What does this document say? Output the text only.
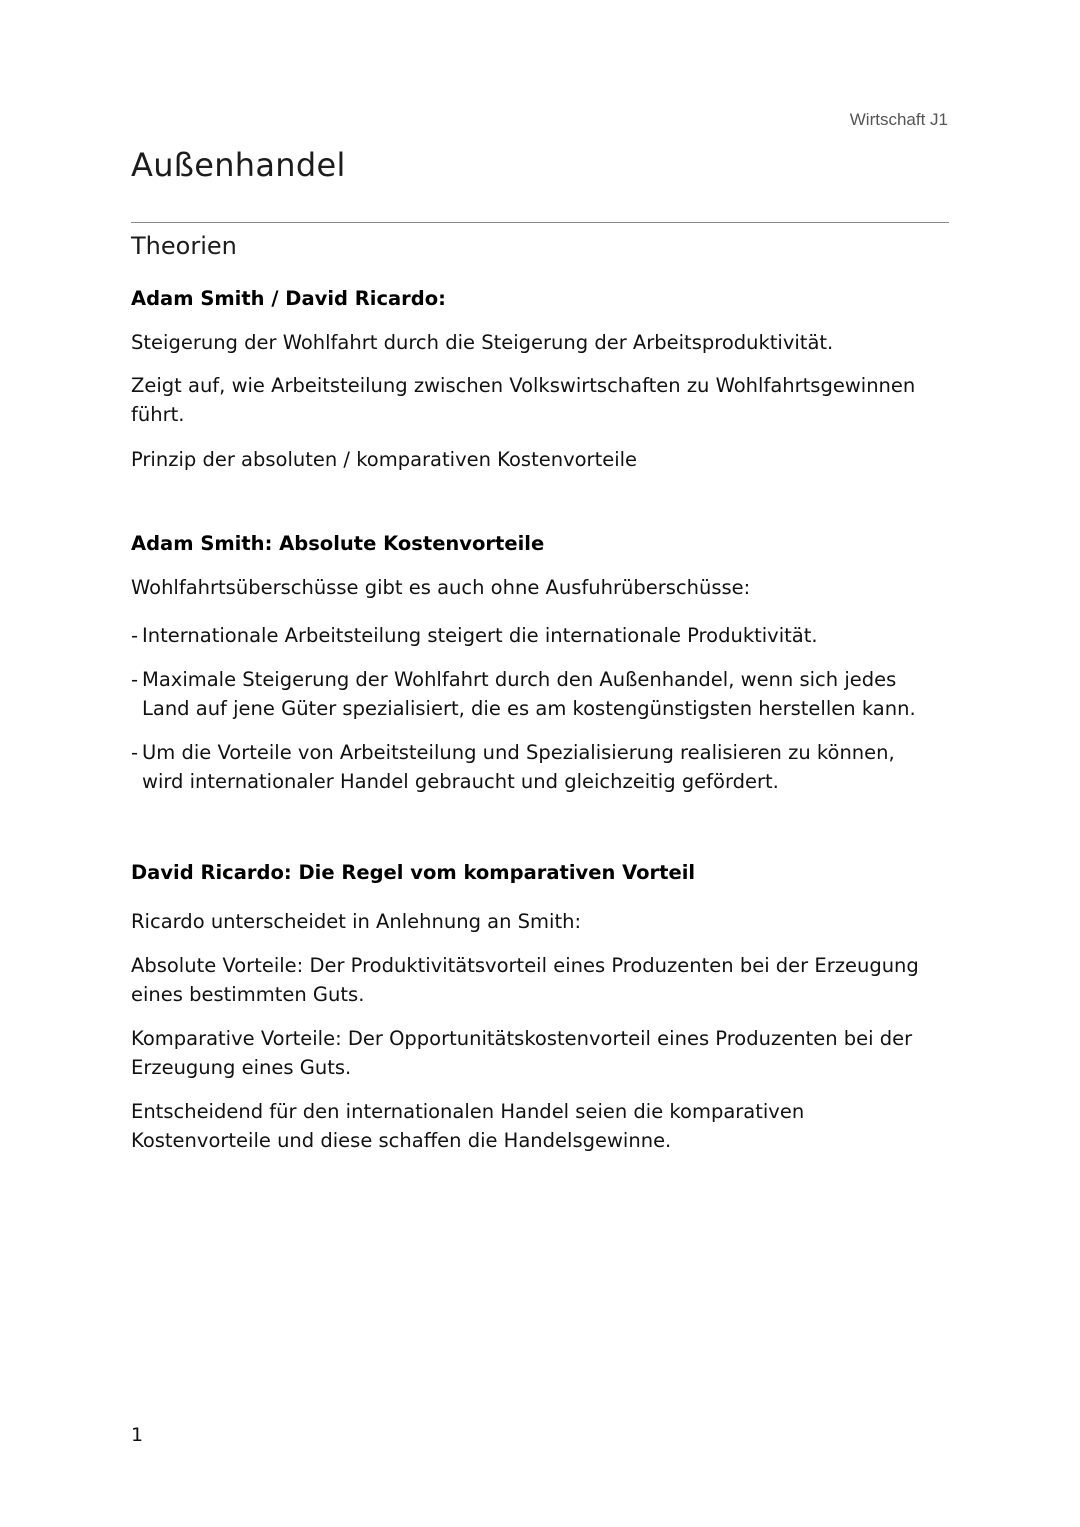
Wirtschaft J1
Außenhandel
Theorien
Adam Smith / David Ricardo:

Steigerung der Wohlfahrt durch die Steigerung der Arbeitsproduktivität.

Zeigt auf, wie Arbeitsteilung zwischen Volkswirtschaften zu Wohlfahrtsgewinnen führt.

Prinzip der absoluten / komparativen Kostenvorteile

Adam Smith: Absolute Kostenvorteile

Wohlfahrtsüberschüsse gibt es auch ohne Ausfuhrüberschüsse:

- Internationale Arbeitsteilung steigert die internationale Produktivität.
- Maximale Steigerung der Wohlfahrt durch den Außenhandel, wenn sich jedes Land auf jene Güter spezialisiert, die es am kostengünstigsten herstellen kann.
- Um die Vorteile von Arbeitsteilung und Spezialisierung realisieren zu können, wird internationaler Handel gebraucht und gleichzeitig gefördert.
David Ricardo: Die Regel vom komparativen Vorteil

Ricardo unterscheidet in Anlehnung an Smith:

Absolute Vorteile: Der Produktivitätsvorteil eines Produzenten bei der Erzeugung eines bestimmten Guts.

Komparative Vorteile: Der Opportunitätskostenvorteil eines Produzenten bei der Erzeugung eines Guts.

Entscheidend für den internationalen Handel seien die komparativen Kostenvorteile und diese schaffen die Handelsgewinne.

1
